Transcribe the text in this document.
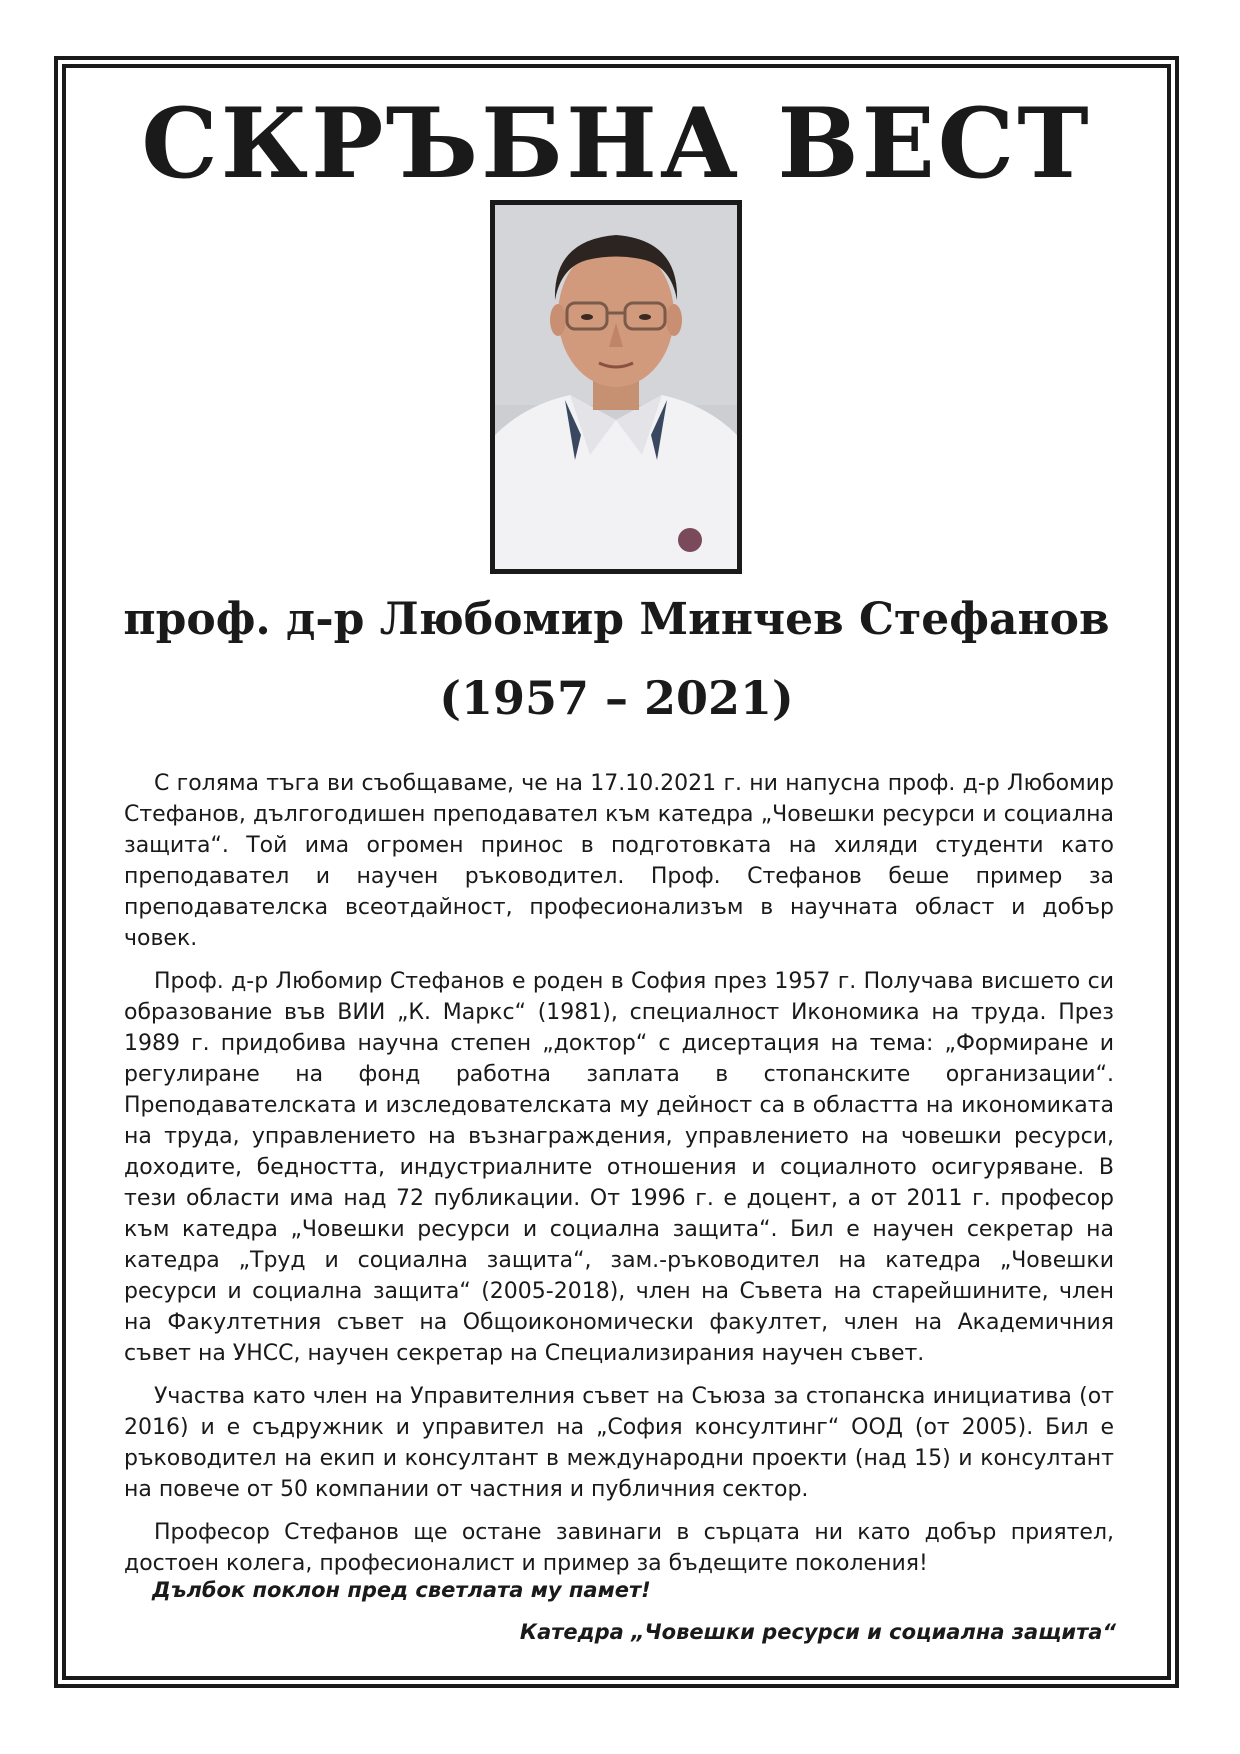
СКРЪБНА ВЕСТ
проф. д-р Любомир Минчев Стефанов
(1957 – 2021)

С голяма тъга ви съобщаваме, че на 17.10.2021 г. ни напусна проф. д-р Любомир Стефанов, дългогодишен преподавател към катедра „Човешки ресурси и социална защита“. Той има огромен принос в подготовката на хиляди студенти като преподавател и научен ръководител. Проф. Стефанов беше пример за преподавателска всеотдайност, професионализъм в научната област и добър човек.

Проф. д-р Любомир Стефанов е роден в София през 1957 г. Получава висшето си образование във ВИИ „К. Маркс“ (1981), специалност Икономика на труда. През 1989 г. придобива научна степен „доктор“ с дисертация на тема: „Формиране и регулиране на фонд работна заплата в стопанските организации“. Преподавателската и изследователската му дейност са в областта на икономиката на труда, управлението на възнаграждения, управлението на човешки ресурси, доходите, бедността, индустриалните отношения и социалното осигуряване. В тези области има над 72 публикации. От 1996 г. е доцент, а от 2011 г. професор към катедра „Човешки ресурси и социална защита“. Бил е научен секретар на катедра „Труд и социална защита“, зам.-ръководител на катедра „Човешки ресурси и социална защита“ (2005-2018), член на Съвета на старейшините, член на Факултетния съвет на Общоикономически факултет, член на Академичния съвет на УНСС, научен секретар на Специализирания научен съвет.

Участва като член на Управителния съвет на Съюза за стопанска инициатива (от 2016) и е съдружник и управител на „София консултинг“ ООД (от 2005). Бил е ръководител на екип и консултант в международни проекти (над 15) и консултант на повече от 50 компании от частния и публичния сектор.

Професор Стефанов ще остане завинаги в сърцата ни като добър приятел, достоен колега, професионалист и пример за бъдещите поколения!

Дълбок поклон пред светлата му памет!
Катедра „Човешки ресурси и социална защита“
